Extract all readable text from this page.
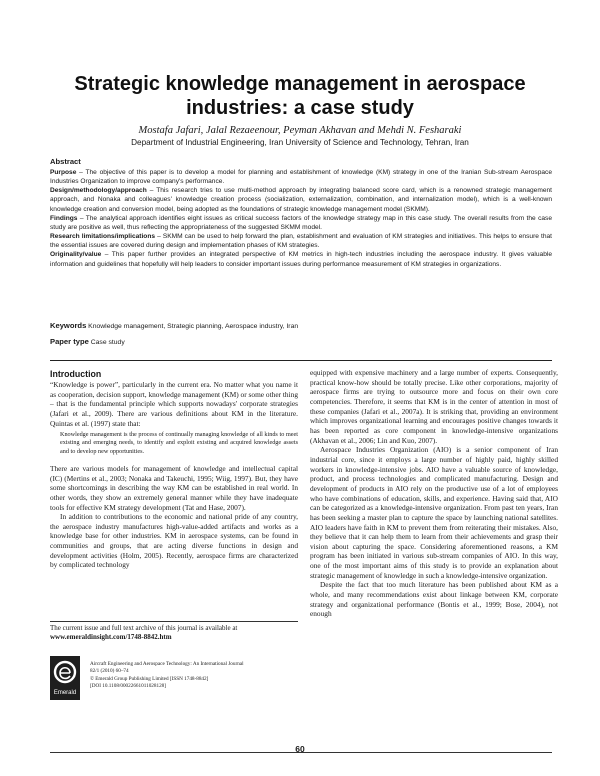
Strategic knowledge management in aerospace industries: a case study

Mostafa Jafari, Jalal Rezaeenour, Peyman Akhavan and Mehdi N. Fesharaki

Department of Industrial Engineering, Iran University of Science and Technology, Tehran, Iran

Abstract

Purpose – The objective of this paper is to develop a model for planning and establishment of knowledge (KM) strategy in one of the Iranian Sub-stream Aerospace Industries Organization to improve company's performance.

Design/methodology/approach – This research tries to use multi-method approach by integrating balanced score card, which is a renowned strategic management approach, and Nonaka and colleagues' knowledge creation process (socialization, externalization, combination, and internalization model), which is a well-known knowledge creation and conversion model, being adopted as the foundations of strategic knowledge management model (SKMM).

Findings – The analytical approach identifies eight issues as critical success factors of the knowledge strategy map in this case study. The overall results from the case study are positive as well, thus reflecting the appropriateness of the suggested SKMM model.

Research limitations/implications – SKMM can be used to help forward the plan, establishment and evaluation of KM strategies and initiatives. This helps to ensure that the essential issues are covered during design and implementation phases of KM strategies.

Originality/value – This paper further provides an integrated perspective of KM metrics in high-tech industries including the aerospace industry. It gives valuable information and guidelines that hopefully will help leaders to consider important issues during performance measurement of KM strategies in organizations.

Keywords Knowledge management, Strategic planning, Aerospace industry, Iran

Paper type Case study

Introduction

“Knowledge is power”, particularly in the current era. No matter what you name it as cooperation, decision support, knowledge management (KM) or some other thing – that is the fundamental principle which supports nowadays' corporate strategies (Jafari et al., 2009). There are various definitions about KM in the literature. Quintas et al. (1997) state that:

Knowledge management is the process of continually managing knowledge of all kinds to meet existing and emerging needs, to identify and exploit existing and acquired knowledge assets and to develop new opportunities.

There are various models for management of knowledge and intellectual capital (IC) (Mertins et al., 2003; Nonaka and Takeuchi, 1995; Wiig, 1997). But, they have some shortcomings in describing the way KM can be established in real world. In other words, they show an extremely general manner while they have inadequate tools for effective KM strategy development (Tat and Hase, 2007).

In addition to contributions to the economic and national pride of any country, the aerospace industry manufactures high-value-added artifacts and works as a knowledge base for other industries. KM in aerospace systems, can be found in communities and groups, that are acting diverse functions in design and development activities (Holm, 2005). Recently, aerospace firms are characterized by complicated technology

equipped with expensive machinery and a large number of experts. Consequently, practical know-how should be totally precise. Like other corporations, majority of aerospace firms are trying to outsource more and focus on their own core competencies. Therefore, it seems that KM is in the center of attention in most of these companies (Jafari et al., 2007a). It is striking that, providing an environment which improves organizational learning and encourages positive changes towards it has been reported as core component in knowledge-intensive organizations (Akhavan et al., 2006; Lin and Kuo, 2007).

Aerospace Industries Organization (AIO) is a senior component of Iran industrial core, since it employs a large number of highly paid, highly skilled workers in knowledge-intensive jobs. AIO have a valuable source of knowledge, product, and process technologies and complicated manufacturing. Design and development of products in AIO rely on the productive use of a lot of employees who have combinations of education, skills, and experience. Having said that, AIO can be categorized as a knowledge-intensive organization. From past ten years, Iran has been seeking a master plan to capture the space by launching national satellites. AIO leaders have faith in KM to prevent them from reiterating their mistakes. Also, they believe that it can help them to learn from their achievements and grasp their vision about capturing the space. Considering aforementioned reasons, a KM program has been initiated in various sub-stream companies of AIO. In this way, one of the most important aims of this study is to provide an explanation about strategic management of knowledge in such a knowledge-intensive organization.

Despite the fact that too much literature has been published about KM as a whole, and many recommendations exist about linkage between KM, corporate strategy and organizational performance (Bontis et al., 1999; Bose, 2004), not enough

The current issue and full text archive of this journal is available at

www.emeraldinsight.com/1748-8842.htm

Emerald

Aircraft Engineering and Aerospace Technology: An International Journal

82/1 (2010) 60–74

© Emerald Group Publishing Limited [ISSN 1748-8842]

[DOI 10.1108/00022661011028128]

60
